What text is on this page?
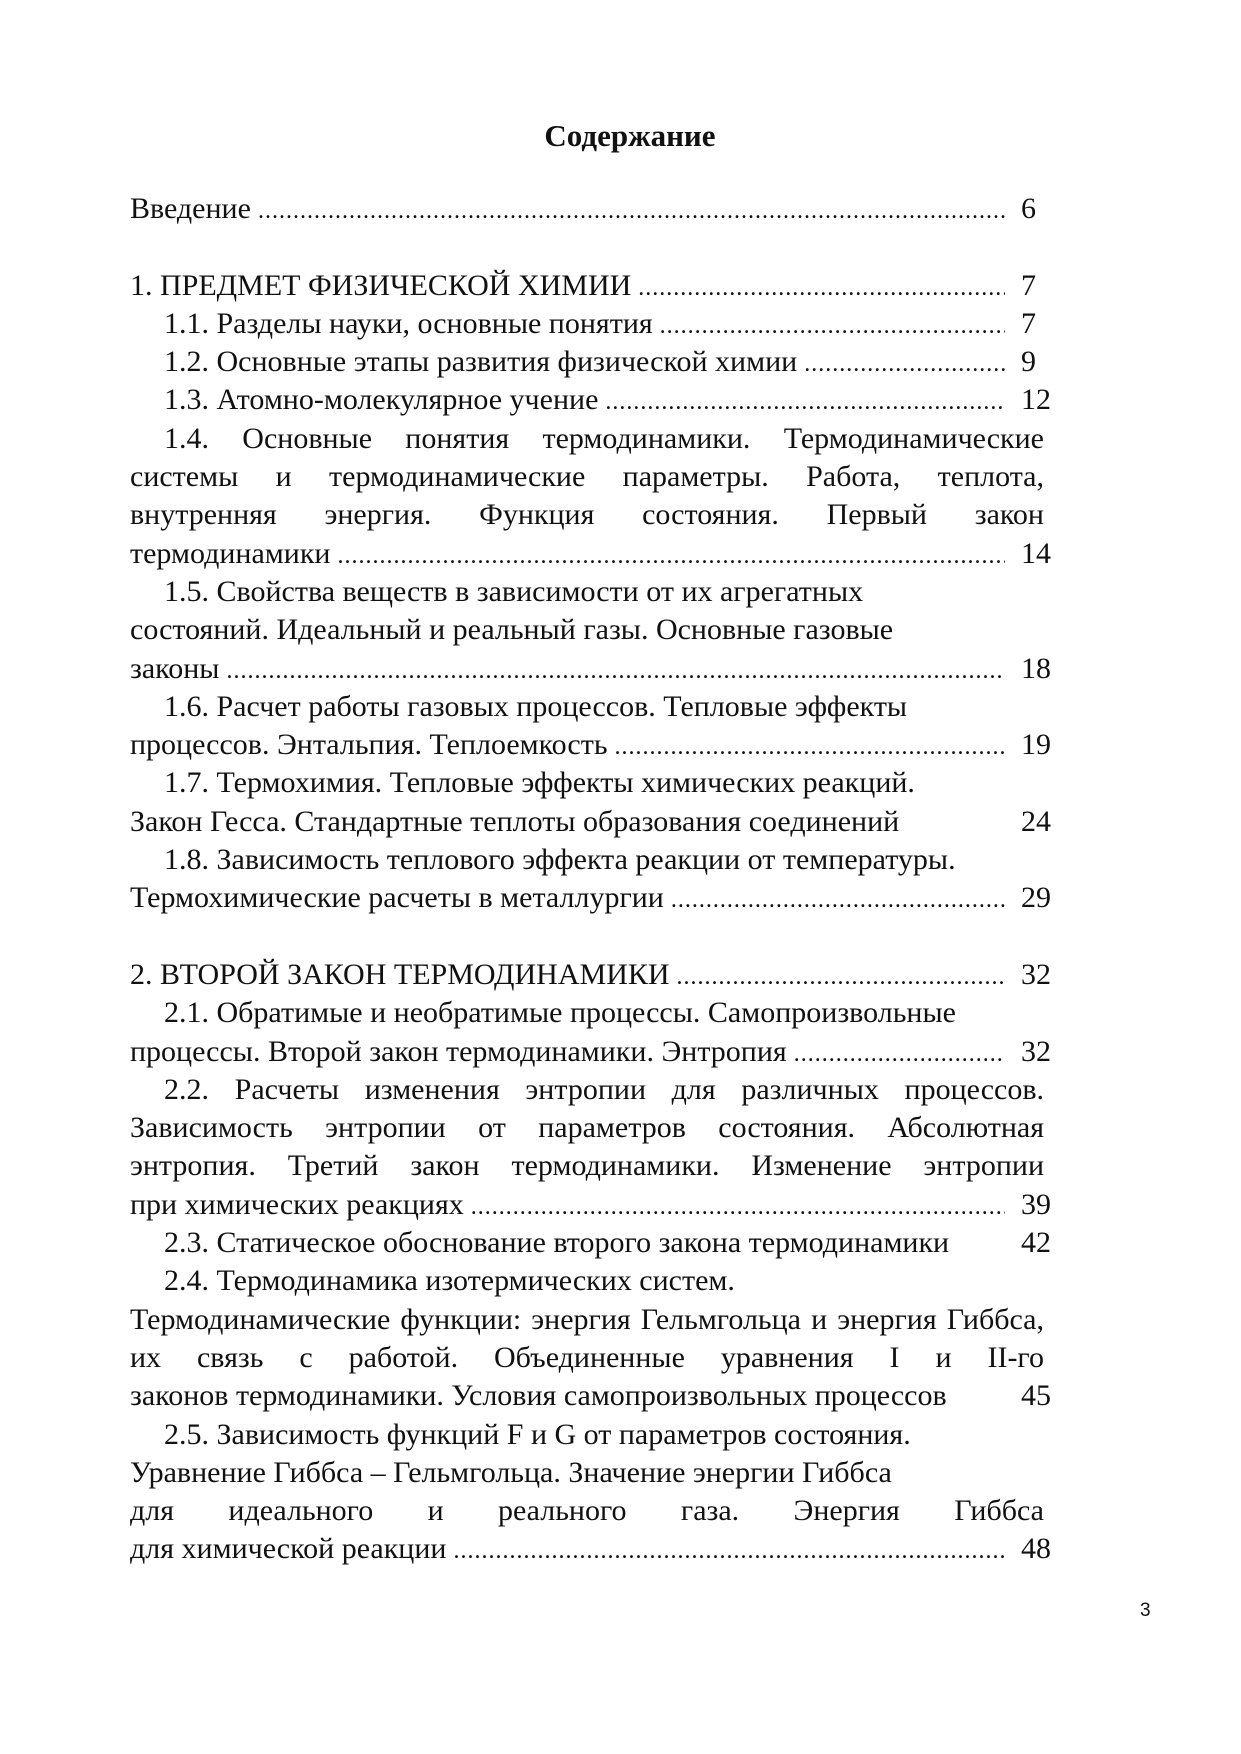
Содержание
Введение .....	6
1. ПРЕДМЕТ ФИЗИЧЕСКОЙ ХИМИИ .....	7
1.1. Разделы науки, основные понятия .....	7
1.2. Основные этапы развития физической химии .....	9
1.3. Атомно-молекулярное учение .....	12
1.4. Основные понятия термодинамики. Термодинамические системы и термодинамические параметры. Работа, теплота, внутренняя энергия. Функция состояния. Первый закон
термодинамики .....	14
1.5. Свойства веществ в зависимости от их агрегатных
состояний. Идеальный и реальный газы. Основные газовые
законы .....	18
1.6. Расчет работы газовых процессов. Тепловые эффекты
процессов. Энтальпия. Теплоемкость .....	19
1.7. Термохимия. Тепловые эффекты химических реакций.
Закон Гесса. Стандартные теплоты образования соединений	24
1.8. Зависимость теплового эффекта реакции от температуры.
Термохимические расчеты в металлургии .....	29
2. ВТОРОЙ ЗАКОН ТЕРМОДИНАМИКИ .....	32
2.1. Обратимые и необратимые процессы. Самопроизвольные
процессы. Второй закон термодинамики. Энтропия .....	32
2.2. Расчеты изменения энтропии для различных процессов. Зависимость энтропии от параметров состояния. Абсолютная энтропия. Третий закон термодинамики. Изменение энтропии
при химических реакциях .....	39
2.3. Статическое обоснование второго закона термодинамики	42
2.4. Термодинамика изотермических систем.
Термодинамические функции: энергия Гельмгольца и энергия Гиббса, их связь с работой. Объединенные уравнения I и II-го
законов термодинамики. Условия самопроизвольных процессов	45
2.5. Зависимость функций F и G от параметров состояния.
Уравнение Гиббса – Гельмгольца. Значение энергии Гиббса
для идеального и реального газа. Энергия Гиббса
для химической реакции .....	48
3
